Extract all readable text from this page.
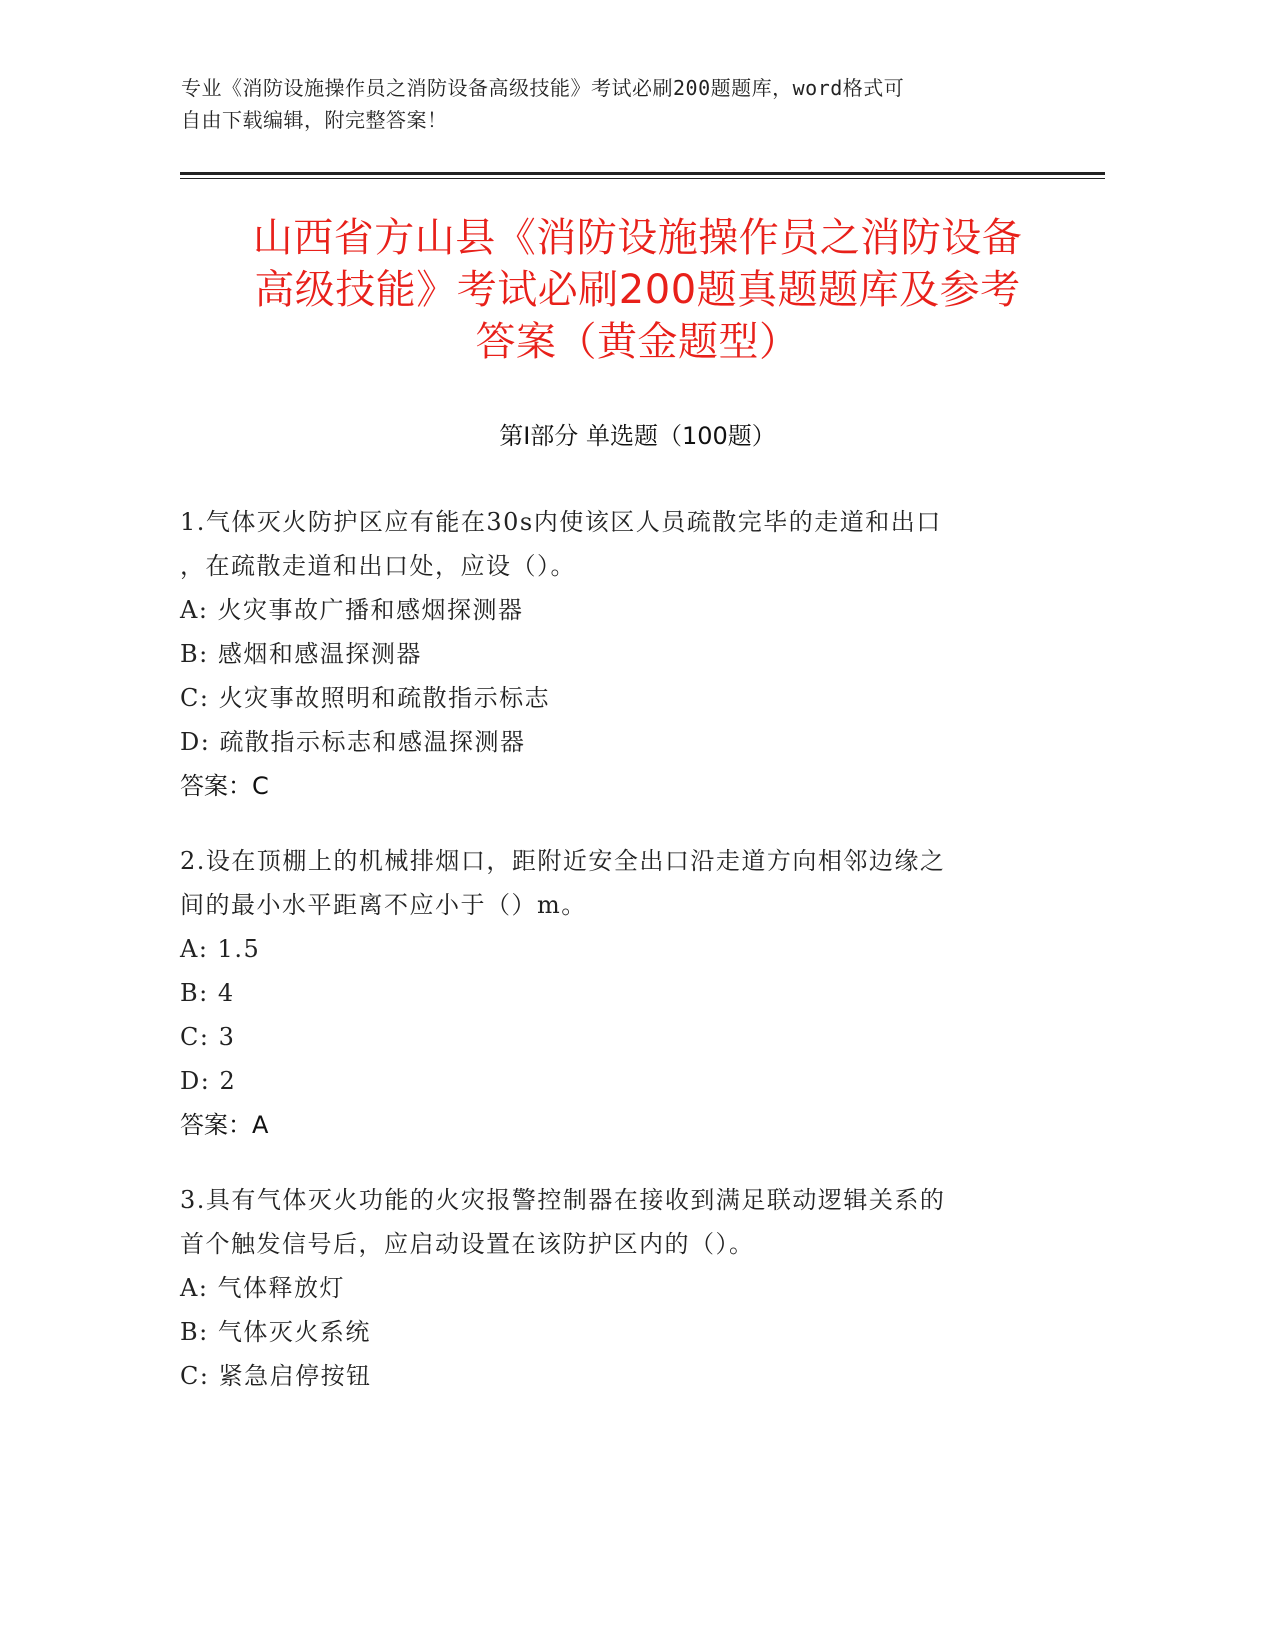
专业《消防设施操作员之消防设备高级技能》考试必刷200题题库，word格式可
自由下载编辑，附完整答案！
山西省方山县《消防设施操作员之消防设备
高级技能》考试必刷200题真题题库及参考
答案（黄金题型）
第Ⅰ部分 单选题（100题）

1.气体灭火防护区应有能在30s内使该区人员疏散完毕的走道和出口

，在疏散走道和出口处，应设（）。

A: 火灾事故广播和感烟探测器

B: 感烟和感温探测器

C: 火灾事故照明和疏散指示标志

D: 疏散指示标志和感温探测器

答案：C

2.设在顶棚上的机械排烟口，距附近安全出口沿走道方向相邻边缘之

间的最小水平距离不应小于（）m。

A: 1.5

B: 4

C: 3

D: 2

答案：A

3.具有气体灭火功能的火灾报警控制器在接收到满足联动逻辑关系的

首个触发信号后，应启动设置在该防护区内的（）。

A: 气体释放灯

B: 气体灭火系统

C: 紧急启停按钮
